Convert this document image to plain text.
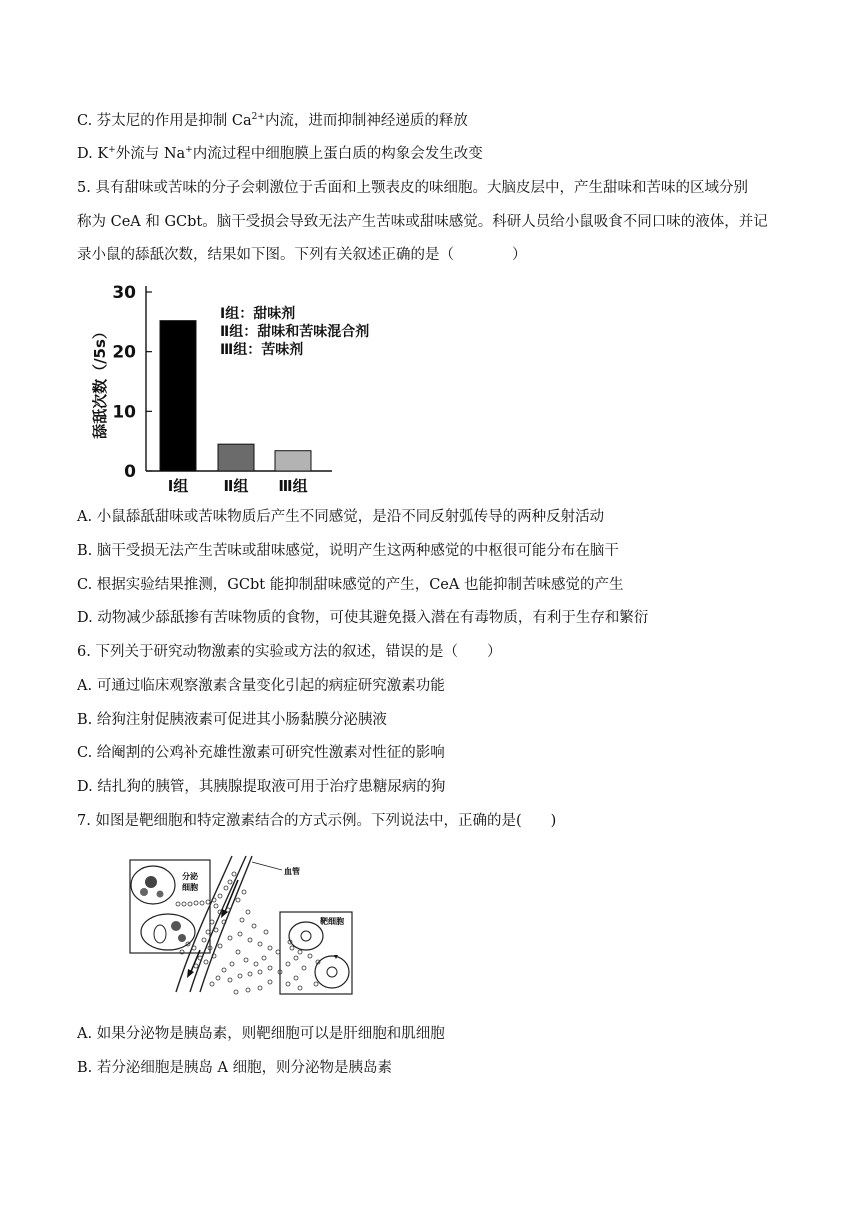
C. 芬太尼的作用是抑制 $Ca^{2+}$内流，进而抑制神经递质的释放
D. K+外流与 Na+内流过程中细胞膜上蛋白质的构象会发生改变
5. 具有甜味或苦味的分子会刺激位于舌面和上颚表皮的味细胞。大脑皮层中，产生甜味和苦味的区域分别
称为 CeA 和 GCbt。脑干受损会导致无法产生苦味或甜味感觉。科研人员给小鼠吸食不同口味的液体，并记
录小鼠的舔舐次数，结果如下图。下列有关叙述正确的是（　　　　）
0
10
20
30
舔舐次数（/5s）
Ⅰ组 Ⅱ组 Ⅲ组
Ⅰ组：甜味剂
Ⅱ组：甜味和苦味混合剂
Ⅲ组：苦味剂
A. 小鼠舔舐甜味或苦味物质后产生不同感觉，是沿不同反射弧传导的两种反射活动
B. 脑干受损无法产生苦味或甜味感觉，说明产生这两种感觉的中枢很可能分布在脑干
C. 根据实验结果推测，GCbt 能抑制甜味感觉的产生，CeA 也能抑制苦味感觉的产生
D. 动物减少舔舐掺有苦味物质的食物，可使其避免摄入潜在有毒物质，有利于生存和繁衍
6. 下列关于研究动物激素的实验或方法的叙述，错误的是（　　）
A. 可通过临床观察激素含量变化引起的病症研究激素功能
B. 给狗注射促胰液素可促进其小肠黏膜分泌胰液
C. 给阉割的公鸡补充雄性激素可研究性激素对性征的影响
D. 结扎狗的胰管，其胰腺提取液可用于治疗患糖尿病的狗
7. 如图是靶细胞和特定激素结合的方式示例。下列说法中，正确的是(　　)
分泌
细胞
血管
靶细胞
A. 如果分泌物是胰岛素，则靶细胞可以是肝细胞和肌细胞
B. 若分泌细胞是胰岛 A 细胞，则分泌物是胰岛素
